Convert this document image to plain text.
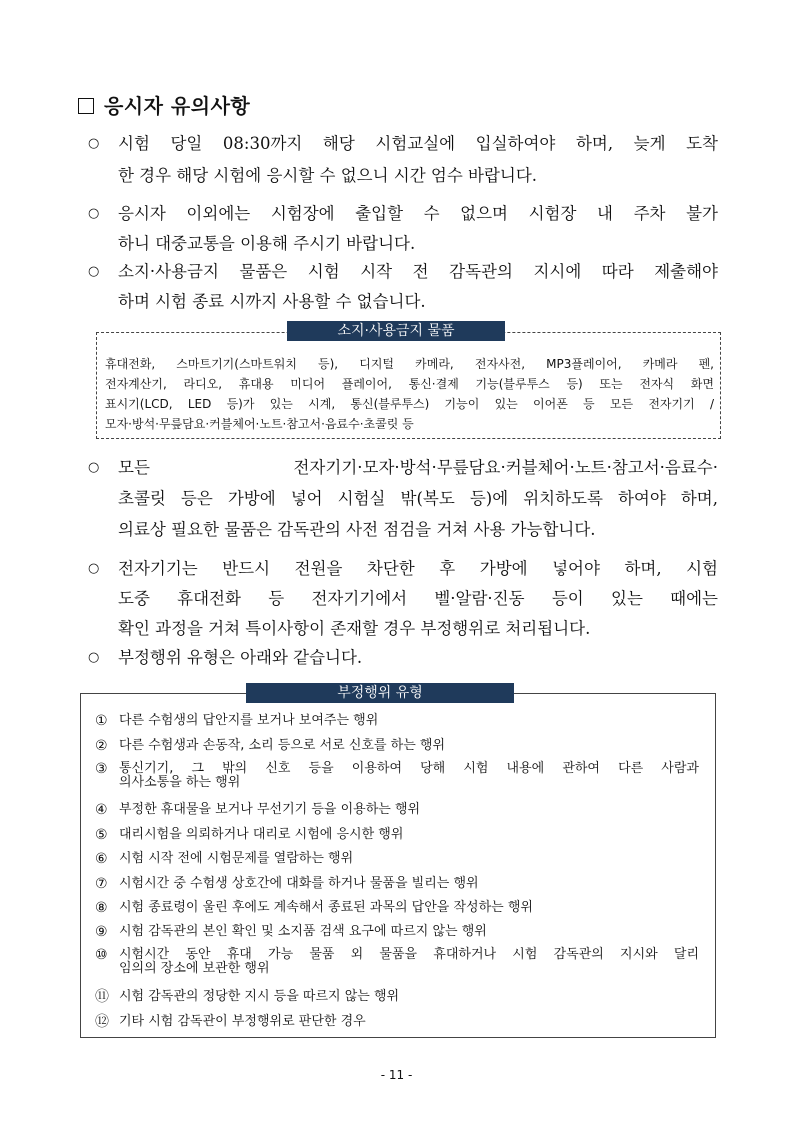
응시자 유의사항
○ 시험 당일 08:30까지 해당 시험교실에 입실하여야 하며, 늦게 도착
한 경우 해당 시험에 응시할 수 없으니 시간 엄수 바랍니다.
○ 응시자 이외에는 시험장에 출입할 수 없으며 시험장 내 주차 불가
하니 대중교통을 이용해 주시기 바랍니다.
○ 소지·사용금지 물품은 시험 시작 전 감독관의 지시에 따라 제출해야
하며 시험 종료 시까지 사용할 수 없습니다.
소지·사용금지 물품
휴대전화, 스마트기기(스마트워치 등), 디지털 카메라, 전자사전, MP3플레이어, 카메라 펜,
전자계산기, 라디오, 휴대용 미디어 플레이어, 통신·결제 기능(블루투스 등) 또는 전자식 화면
표시기(LCD, LED 등)가 있는 시계, 통신(블루투스) 기능이 있는 이어폰 등 모든 전자기기 /
모자·방석·무릎담요·커블체어·노트·참고서·음료수·초콜릿 등
○ 모든 전자기기·모자·방석·무릎담요·커블체어·노트·참고서·음료수·
초콜릿 등은 가방에 넣어 시험실 밖(복도 등)에 위치하도록 하여야 하며,
의료상 필요한 물품은 감독관의 사전 점검을 거쳐 사용 가능합니다.
○ 전자기기는 반드시 전원을 차단한 후 가방에 넣어야 하며, 시험
도중 휴대전화 등 전자기기에서 벨·알람·진동 등이 있는 때에는
확인 과정을 거쳐 특이사항이 존재할 경우 부정행위로 처리됩니다.
○ 부정행위 유형은 아래와 같습니다.
부정행위 유형
① 다른 수험생의 답안지를 보거나 보여주는 행위
② 다른 수험생과 손동작, 소리 등으로 서로 신호를 하는 행위
③ 통신기기, 그 밖의 신호 등을 이용하여 당해 시험 내용에 관하여 다른 사람과
의사소통을 하는 행위
④ 부정한 휴대물을 보거나 무선기기 등을 이용하는 행위
⑤ 대리시험을 의뢰하거나 대리로 시험에 응시한 행위
⑥ 시험 시작 전에 시험문제를 열람하는 행위
⑦ 시험시간 중 수험생 상호간에 대화를 하거나 물품을 빌리는 행위
⑧ 시험 종료령이 울린 후에도 계속해서 종료된 과목의 답안을 작성하는 행위
⑨ 시험 감독관의 본인 확인 및 소지품 검색 요구에 따르지 않는 행위
⑩ 시험시간 동안 휴대 가능 물품 외 물품을 휴대하거나 시험 감독관의 지시와 달리
임의의 장소에 보관한 행위
⑪ 시험 감독관의 정당한 지시 등을 따르지 않는 행위
⑫ 기타 시험 감독관이 부정행위로 판단한 경우
- 11 -
